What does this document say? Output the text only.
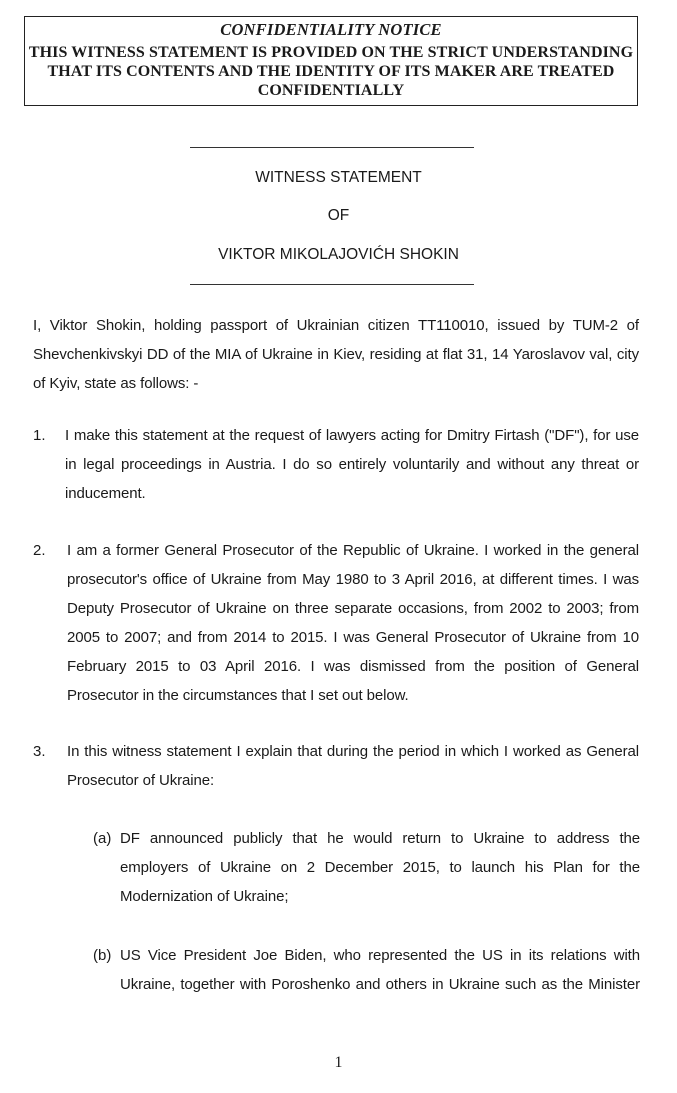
CONFIDENTIALITY NOTICE
THIS WITNESS STATEMENT IS PROVIDED ON THE STRICT UNDERSTANDING THAT ITS CONTENTS AND THE IDENTITY OF ITS MAKER ARE TREATED CONFIDENTIALLY
WITNESS STATEMENT
OF
VIKTOR MIKOLAJOVIĆH SHOKIN
I, Viktor Shokin, holding passport of Ukrainian citizen TT110010, issued by TUM-2 of Shevchenkivskyi DD of the MIA of Ukraine in Kiev, residing at flat 31, 14 Yaroslavov val, city of Kyiv, state as follows: -
1. I make this statement at the request of lawyers acting for Dmitry Firtash ("DF"), for use in legal proceedings in Austria. I do so entirely voluntarily and without any threat or inducement.
2. I am a former General Prosecutor of the Republic of Ukraine. I worked in the general prosecutor's office of Ukraine from May 1980 to 3 April 2016, at different times. I was Deputy Prosecutor of Ukraine on three separate occasions, from 2002 to 2003; from 2005 to 2007; and from 2014 to 2015. I was General Prosecutor of Ukraine from 10 February 2015 to 03 April 2016. I was dismissed from the position of General Prosecutor in the circumstances that I set out below.
3. In this witness statement I explain that during the period in which I worked as General Prosecutor of Ukraine:
(a) DF announced publicly that he would return to Ukraine to address the employers of Ukraine on 2 December 2015, to launch his Plan for the Modernization of Ukraine;
(b) US Vice President Joe Biden, who represented the US in its relations with Ukraine, together with Poroshenko and others in Ukraine such as the Minister
1
